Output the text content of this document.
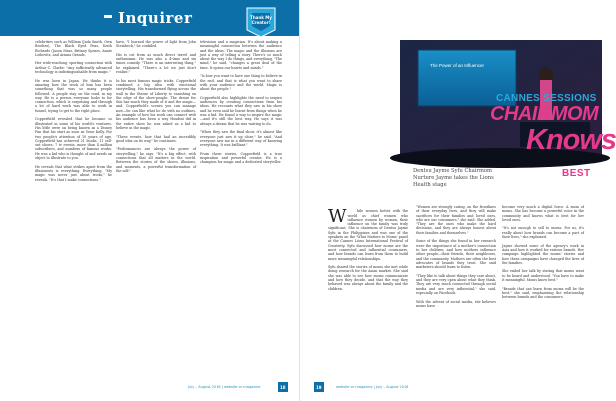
Inquirer	Thank My
Creator!
celebrities such as William (Jada Smith, Own Brother), The Black Eyed Peas, Keith Richards (Jason Mraz, Britney Spears, Annie Leibovitz, and Ariana Grande.

Her wide-reaching, sporting connection with Arthur C. Clarke: "Any sufficiently advanced technology is indistinguishable from magic."

He was born in Japan. He thinks it is amazing how the work of him has been something that was so many people followed. A people stay on the road, in my way. He is a person everyone looks to for connection, which is surprising and through a lot of hard work was able to work in tunnel, trying to get to the right place.

Copperfield revealed that he became so illustrated in some of his world's ventures. His little were on being known as a Disney Fan that his start as soon as Gene Kelly. For two people's attention of 10 years of age, Copperfield has achieved 21 books, 11 sell-out shows, 7 tv events, more than 4 million subscribers, and numbers of famous works. He was a kid who is thought of and needs an object to illustrate to you.

He reveals that what strikes apart from the illusionists is everything. Everything. "My magic was never just about tricks," he reveals. "It's that I make connections."
have, "I learned the power of light from John Steinbeck," he confided.

His is cut from as much direct travel and enthusiasm. He was also a 4-time and six times comedy. "There is an interesting thing," he explained. "There's a lot we just don't realize."

In his most famous magic tricks, Copperfield combined a big idea with emotional storytelling. His transformed flying across the wall in the Statue of Liberty to vanishing on the edge of the show-people. The desire for this has much they made of it and the magic—and. Copperfield's scenes you can manage now—he can like what he do with no outlines. An example of how his work can connect with his audience has been a way Houdini did in the entire show he was asked as a kid to believe in the magic.

"These events, how that had an incredibly good idea on its way," he continues.

"Performances are always the power of storytelling," he says. "It's a big effect, with connections that all matters in the world. Between the stories of the shows, illusions, and moments, a powerful transformation of the self."
television and a magician. It's about making a meaningful connection between the audience and the ideas. The magic and the illusions are just a way of telling a story. There's so much about the way I do things, and everything, "The mind," he said, "changes a great deal of the time. It opens our hearts and minds."

"Is how you want to have one thing to believe in the end, and that is what you want to share with your audience and the world. Magic is about the people."

Copperfield also highlights the need to inspire audiences by creating connections from his ideas. He recounts what they saw in his show and he even said he learnt from things when he was a kid. He found a way to inspire the magic—and it's still the best way. He says it was always a dream that he was waiting to do.

"When they saw the final show, it's almost like everyone just saw it up close," he said. "And everyone saw me in a different way of knowing everything. It was brilliant."

From these stories, Copperfield is a true inspiration and powerful creator. He is a champion for magic and a dedicated storyteller.
July – August 2016 | website or magazine	18
The Power of an Influencer
Dentsu Jayme Syfu Chairmom Nurture Jayme takes the Lions Health stage
CANNES SESSIONS
CHAIRMOM
Knows
BEST

W	hile women better with the world as chief women who influence women by women, their influence on the family was truly significant. She is chairmom of Dentsu Jayme Syfu in the Philippines and was one of the speakers on the 'What Matters to Moms' panel at the Cannes Lions International Festival of Creativity. Syfu discussed how moms are the most connected and influential consumers, and how brands can learn from them to build more meaningful relationships.

Syfu shared the stories of moms she met while doing research for the Asian market. She said she was able to see how moms communicate and how they decide, and that the way they behaved was always about the family and the children.

"Women are strongly caring, on the frontlines of their everyday lives, and they will make sacrifices for their families and loved ones, who are our consumers," she said. She added, "They are the ones who make the hard decisions, and they are always honest about their families and themselves."

Some of the things she found in her research were the importance of a mother's connection to her children, and how mothers influence other people—their friends, their neighbours, and the community. Mothers are often the best advocates of brands they trust. She said marketers should learn to listen.

"They like to talk about things they care about, and they are very open about what they think. They are very much connected through social media and are very influential," she said, especially on Facebook.

With the advent of social media, she believes moms have
become very much a digital force. A mom of moms. She has become a powerful voice in the community and knows what is best for her loved ones.

"It's not enough to sell to moms. For us, it's really about how brands can become a part of their lives," she explained.

Jayme showed some of the agency's work in Asia and how it worked for various brands. Her campaign highlighted the moms' stories and how these campaigns have changed the lives of the families.

She ended her talk by stating that moms want to be heard and understood. "You have to make it meaningful. Moms know best."

"Brands that can learn from moms will be the best," she said, emphasising the relationship between brands and the consumers.
19	website or magazine | July – August 2016
